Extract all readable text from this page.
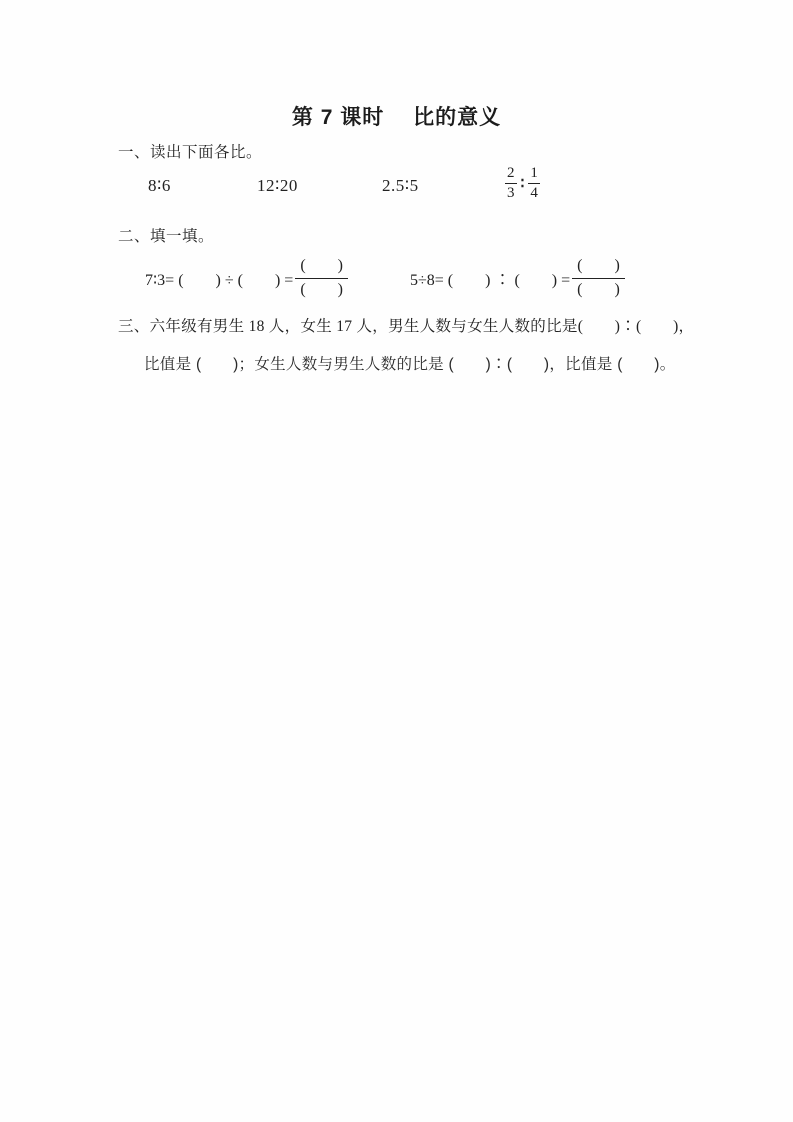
第 7 课时　 比的意义
一、读出下面各比。
8∶6	12∶20	2.5∶5	$\frac{2}{3}$ ∶ $\frac{1}{4}$
二、填一填。
7∶3= (　　) ÷ (　　) = $\frac{( )}{( )}$	5÷8= (　　) ∶ (　　) = $\frac{( )}{( )}$

三、六年级有男生 18 人，女生 17 人，男生人数与女生人数的比是(　　)∶(　　)，

比值是 (　　)；女生人数与男生人数的比是 (　　)∶(　　)，比值是 (　　)。
